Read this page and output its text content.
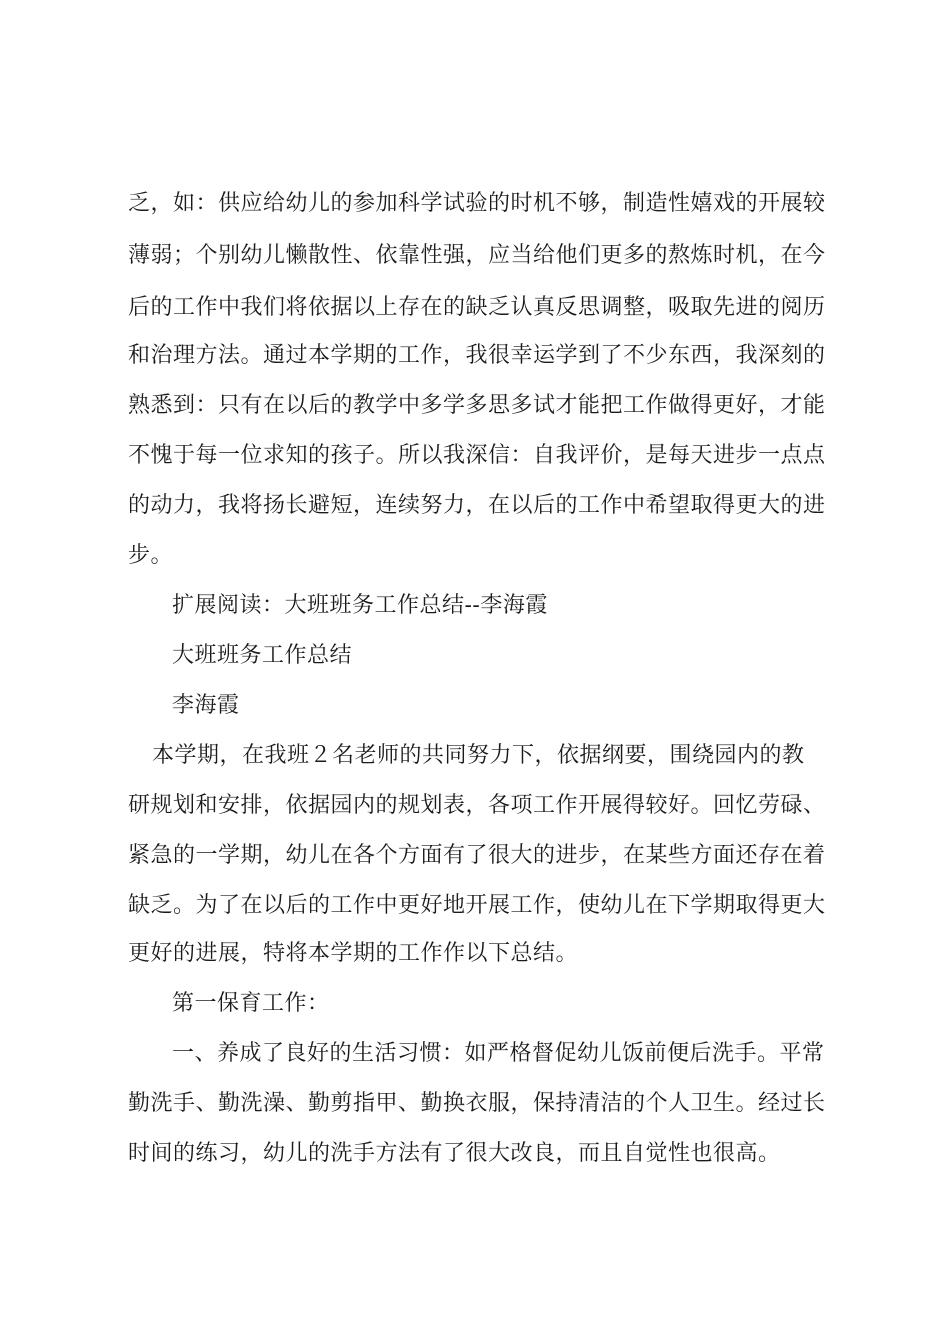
乏，如：供应给幼儿的参加科学试验的时机不够，制造性嬉戏的开展较
薄弱；个别幼儿懒散性、依靠性强，应当给他们更多的熬炼时机，在今
后的工作中我们将依据以上存在的缺乏认真反思调整，吸取先进的阅历
和治理方法。通过本学期的工作，我很幸运学到了不少东西，我深刻的
熟悉到：只有在以后的教学中多学多思多试才能把工作做得更好，才能
不愧于每一位求知的孩子。所以我深信：自我评价，是每天进步一点点
的动力，我将扬长避短，连续努力，在以后的工作中希望取得更大的进
步。
扩展阅读：大班班务工作总结--李海霞
大班班务工作总结
李海霞
本学期，在我班２名老师的共同努力下，依据纲要，围绕园内的教
研规划和安排，依据园内的规划表，各项工作开展得较好。回忆劳碌、
紧急的一学期，幼儿在各个方面有了很大的进步，在某些方面还存在着
缺乏。为了在以后的工作中更好地开展工作，使幼儿在下学期取得更大
更好的进展，特将本学期的工作作以下总结。
第一保育工作：
一、养成了良好的生活习惯：如严格督促幼儿饭前便后洗手。平常
勤洗手、勤洗澡、勤剪指甲、勤换衣服，保持清洁的个人卫生。经过长
时间的练习，幼儿的洗手方法有了很大改良，而且自觉性也很高。
